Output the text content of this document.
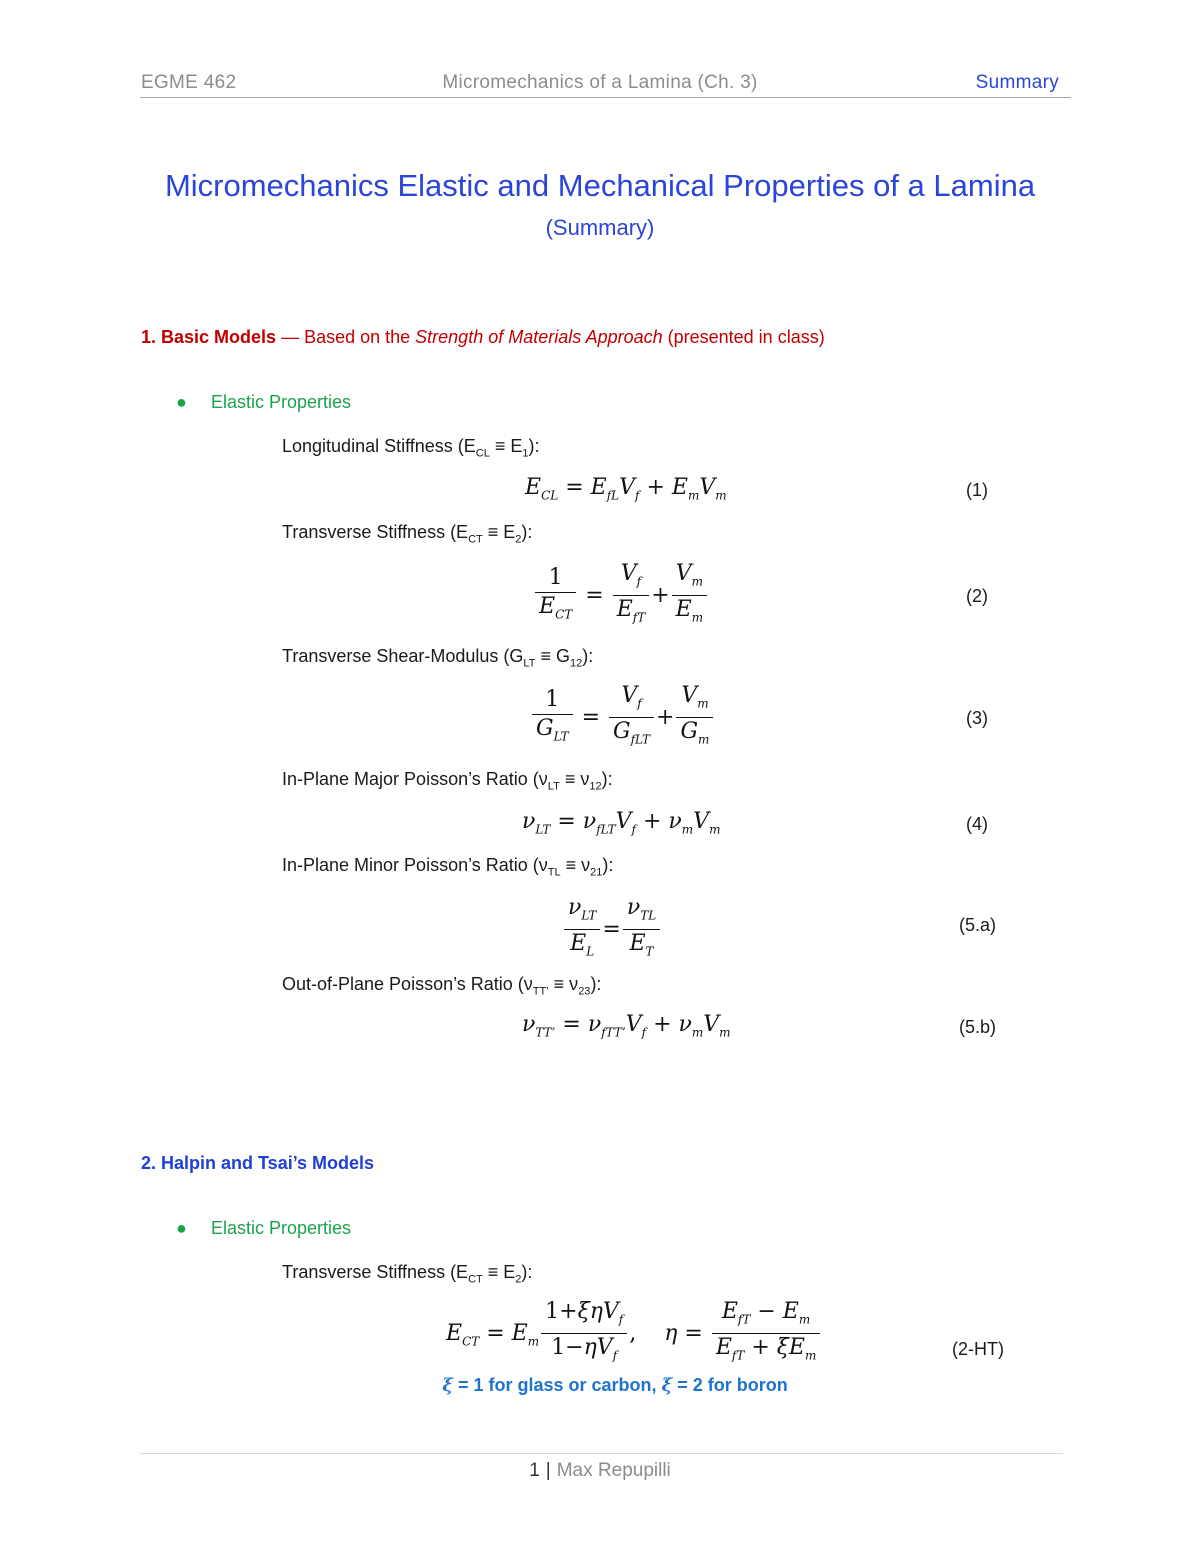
EGME 462	Micromechanics of a Lamina (Ch. 3)	Summary
Micromechanics Elastic and Mechanical Properties of a Lamina
(Summary)
1. Basic Models — Based on the Strength of Materials Approach (presented in class)
● Elastic Properties
Longitudinal Stiffness $(E_{CL} \equiv E_1)$:
$E_{CL} = E_{fL}V_f + E_mV_m$	(1)
Transverse Stiffness $(E_{CT} \equiv E_2)$:
$\frac{1}{E_{CT}} = \frac{V_f}{E_{fT}} + \frac{V_m}{E_m}$	(2)
Transverse Shear-Modulus $(G_{LT} \equiv G_{12})$:
$\frac{1}{G_{LT}} = \frac{V_f}{G_{fLT}} + \frac{V_m}{G_m}$	(3)
In-Plane Major Poisson’s Ratio $(\nu_{LT} \equiv \nu_{12})$:
$\nu_{LT} = \nu_{fLT}V_f + \nu_mV_m$	(4)
In-Plane Minor Poisson’s Ratio $(\nu_{TL} \equiv \nu_{21})$:
$\frac{\nu_{LT}}{E_L} = \frac{\nu_{TL}}{E_T}$	(5.a)
Out-of-Plane Poisson’s Ratio $(\nu_{TT’} \equiv \nu_{23})$:
$\nu_{TT’} = \nu_{fTT’}V_f + \nu_mV_m$	(5.b)
2. Halpin and Tsai’s Models
● Elastic Properties
Transverse Stiffness $(E_{CT} \equiv E_2)$:
$E_{CT} = E_m \frac{1+\xi\eta V_f}{1-\eta V_f}$ ,    $\eta = \frac{E_{fT} - E_m}{E_{fT} + \xi E_m}$	(2-HT)
ξ = 1 for glass or carbon, ξ = 2 for boron
1 | Max Repupilli
